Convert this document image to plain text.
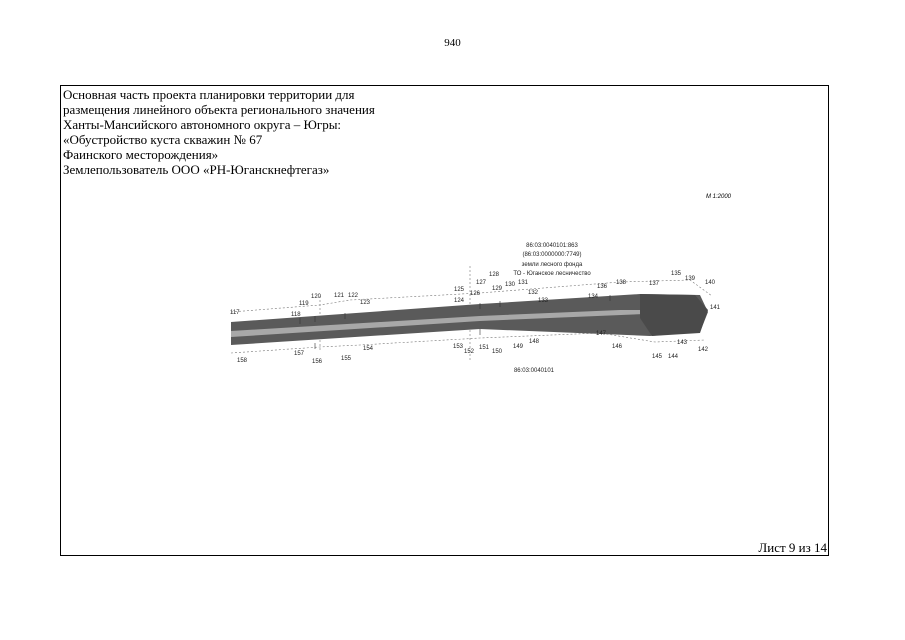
940
Основная часть проекта планировки территории для
размещения линейного объекта регионального значения
Ханты-Мансийского автономного округа – Югры:
«Обустройство куста скважин № 67
Фаинского месторождения»
Землепользователь ООО «РН-Юганскнефтегаз»
М 1:2000
86:03:0040101:863
(86:03:0000000:7749)
земли лесного фонда
ТО - Юганское лесничество
86:03:0040101
117	118
119
120 121 122
123	124
125
126
127
128
129
130 131
132
133
134
135
136	137
138
139
140
141
142
143
144
145
146
147
148
149
150
151
152
153
154
155
156
157
158
Лист 9 из 14
